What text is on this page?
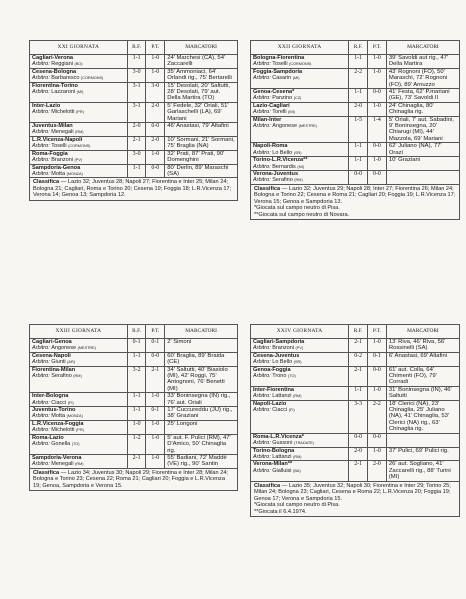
XXI GIORNATA	R.F.	P.T.	MARCATORI

Cagliari-Verona
Arbitro: Reggiani (BO)	1-1	1-0	24' Marchesi (CA), 54' Zaccarelli

Cesena-Bologna
Arbitro: Barbaresco (CORMONS)	3-0	1-0	35' Ammoniaci, 64' Orlandi rig., 75' Bertarelli

Fiorentina-Torino
Arbitro: Lazzaroni (MI)	3-1	3-0	15' Desolati, 20' Saltutti, 28' Desolati, 79' aut. Della Martira (TO)

Inter-Lazio
Arbitro: Michelotti (PR)	3-1	2-0	5' Fedele, 32' Oriali, 51' Garlaschelli (LA), 69' Mariani

Juventus-Milan
Arbitro: Menegali (RM)	2-0	0-0	46' Anastasi, 79' Altafini

L.R.Vicenza-Napoli
Arbitro: Toselli (CORMONS)	2-1	2-0	10' Sormani, 21' Sormani, 75' Braglia (NA)

Roma-Foggia
Arbitro: Branzoni (PV)	3-0	1-0	32' Prati, 87' Prati, 90' Domenghini

Sampdoria-Genoa
Arbitro: Motta (MONZA)	1-1	0-0	80' Derlin, 89' Maraschi (SA)
Classifica — Lazio 32; Juventus 28; Napoli 27; Fiorentina e Inter 25; Milan 24; Bologna 21; Cagliari, Roma e Torino 20; Cesena 19; Foggia 18; L.R.Vicenza 17; Verona 14; Genoa 13; Sampdoria 12.
XXII GIORNATA	R.F.	P.T.	MARCATORI

Bologna-Fiorentina
Arbitro: Toselli (CORMONS)	1-1	1-0	39' Savoldi aut rig., 47' Della Martira

Foggia-Sampdoria
Arbitro: Casarin (MI)	2-2	1-0	43' Rognoni (FO), 50' Maraschi, 72' Rognoni (FO), 89' Arnuzzo

Genoa-Cesena*
Arbitro: Panzino (CZ)	1-1	0-0	41' Festa, 62' P.mariani (GE), 73' Savoldi II

Lazio-Cagliari
Arbitro: Torelli (MI)	2-0	1-0	24' Chinaglia, 80' Chinaglia rig.

Milan-Inter
Arbitro: Angonese (MESTRE)	1-5	1-4	5' Oriali, 7' aut. Sabadini, 9' Boninsegna, 20' Chiarugi (MI), 44' Mazzola, 69' Mariani

Napoli-Roma
Arbitro: Lo Bello (SR)	1-1	0-0	62' Juliano (NA), 77' Orazi

Torino-L.R.Vicenza**
Arbitro: Bernardis (MI)	1-1	1-0	10' Graziani

Verona-Juventus
Arbitro: Serafino (RM)	0-0	0-0	
Classifica — Lazio 32; Juventus 29; Napoli 28; Inter 27; Fiorentina 26; Milan 24; Bologna e Torino 22; Cesena e Roma 21; Cagliari 20; Foggia 19; L.R.Vicenza 17; Verona 15; Genoa e Sampdoria 13.
*Giocata sul campo neutro di Pisa.
**Giocata sul campo neutro di Novara.
XXIII GIORNATA	R.F.	P.T.	MARCATORI

Cagliari-Genoa
Arbitro: Angonese (MESTRE)	0-1	0-1	2' Simoni

Cesena-Napoli
Arbitro: Giunti (AR)	1-1	0-0	60' Braglia, 89' Braida (CE)

Fiorentina-Milan
Arbitro: Serafino (RM)	3-2	2-1	34' Saltutti, 40' Biasiolo (MI), 42' Roggi, 75' Antognoni, 76' Benetti (MI)

Inter-Bologna
Arbitro: Ciacci (FI)	1-1	1-0	33' Boninsegna (IN) rig., 76' aut. Oriali

Juventus-Torino
Arbitro: Motta (MONZA)	1-1	0-1	17' Cuccureddu (JU) rig., 38' Graziani

L.R.Vicenza-Foggia
Arbitro: Michelotti (PR)	1-0	1-0	25' Longoni

Roma-Lazio
Arbitro: Gonella (TO)	1-2	1-0	5' aut. F. Pulici (RM), 47' D'Amico, 50' Chinaglia rig.

Sampdoria-Verona
Arbitro: Menegali (RM)	2-1	1-0	55' Badiani, 72' Maddè (VE) rig., 90' Santin
Classifica — Lazio 34; Juventus 30; Napoli 29; Fiorentina e Inter 28; Milan 24; Bologna e Torino 23; Cesena 22; Roma 21; Cagliari 20; Foggia e L.R.Vicenza 19; Genoa, Sampdoria e Verona 15.
XXIV GIORNATA	R.F.	P.T.	MARCATORI

Cagliari-Sampdoria
Arbitro: Branzoni (PV)	2-1	1-0	13' Riva, 46' Riva, 56' Rossinelli (SA)

Cesena-Juventus
Arbitro: Lo Bello (SR)	0-2	0-1	6' Anastasi, 69' Altafini

Genoa-Foggia
Arbitro: Trono (TO)	2-1	0-0	61' aut. Colla, 64' Chimenti (FO), 79' Corradi

Inter-Fiorentina
Arbitro: Lattanzi (RM)	1-1	1-0	31' Boninsegna (IN), 46' Saltutti

Napoli-Lazio
Arbitro: Ciacci (FI)	3-3	2-2	18' Clerici (NA), 23' Chinaglia, 25' Juliano (NA), 41' Chinaglia, 53' Clerici (NA) rig., 63' Chinaglia rig.

Roma-L.R.Vicenza*
Arbitro: Gussoni (TRADATE)	0-0	0-0	

Torino-Bologna
Arbitro: Lattanzi (RM)	2-0	1-0	37' Pulici, 69' Pulici rig.

Verona-Milan**
Arbitro: Gialluisi (BA)	2-1	2-0	26' aut. Sogliano, 41' Zaccarelli rig., 88' Turini (MI)
Classifica — Lazio 35; Juventus 32; Napoli 30; Fiorentina e Inter 29; Torino 25; Milan 24; Bologna 23; Cagliari, Cesena e Roma 22; L.R.Vicenza 20; Foggia 19; Genoa 17; Verona e Sampdoria 15.
*Giocata sul campo neutro di Pisa.
**Giocata il 6.4.1974.
